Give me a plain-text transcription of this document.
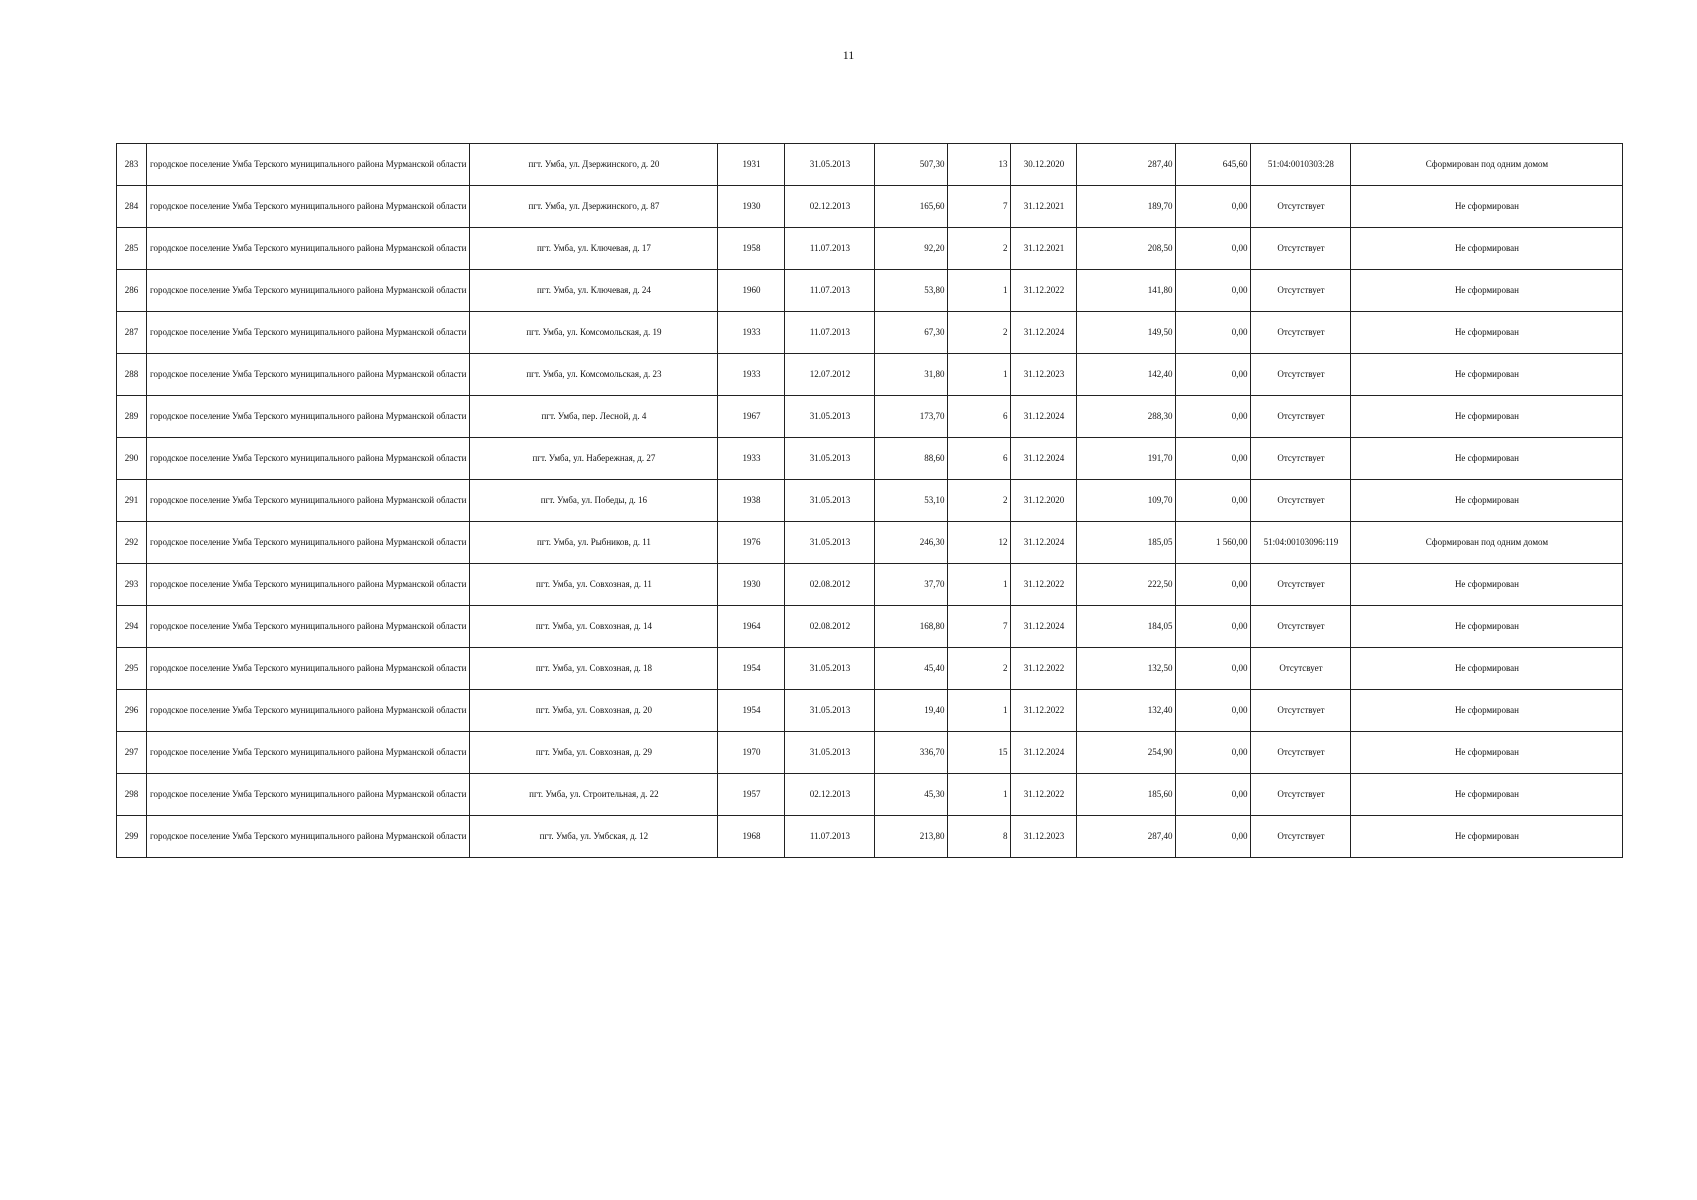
11
283	городское поселение Умба Терского муниципального района Мурманской области	пгт. Умба, ул. Дзержинского, д. 20	1931	31.05.2013	507,30	13	30.12.2020	287,40	645,60	51:04:0010303:28	Сформирован под одним домом
284	городское поселение Умба Терского муниципального района Мурманской области	пгт. Умба, ул. Дзержинского, д. 87	1930	02.12.2013	165,60	7	31.12.2021	189,70	0,00	Отсутствует	Не сформирован
285	городское поселение Умба Терского муниципального района Мурманской области	пгт. Умба, ул. Ключевая, д. 17	1958	11.07.2013	92,20	2	31.12.2021	208,50	0,00	Отсутствует	Не сформирован
286	городское поселение Умба Терского муниципального района Мурманской области	пгт. Умба, ул. Ключевая, д. 24	1960	11.07.2013	53,80	1	31.12.2022	141,80	0,00	Отсутствует	Не сформирован
287	городское поселение Умба Терского муниципального района Мурманской области	пгт. Умба, ул. Комсомольская, д. 19	1933	11.07.2013	67,30	2	31.12.2024	149,50	0,00	Отсутствует	Не сформирован
288	городское поселение Умба Терского муниципального района Мурманской области	пгт. Умба, ул. Комсомольская, д. 23	1933	12.07.2012	31,80	1	31.12.2023	142,40	0,00	Отсутствует	Не сформирован
289	городское поселение Умба Терского муниципального района Мурманской области	пгт. Умба, пер. Лесной, д. 4	1967	31.05.2013	173,70	6	31.12.2024	288,30	0,00	Отсутствует	Не сформирован
290	городское поселение Умба Терского муниципального района Мурманской области	пгт. Умба, ул. Набережная, д. 27	1933	31.05.2013	88,60	6	31.12.2024	191,70	0,00	Отсутствует	Не сформирован
291	городское поселение Умба Терского муниципального района Мурманской области	пгт. Умба, ул. Победы, д. 16	1938	31.05.2013	53,10	2	31.12.2020	109,70	0,00	Отсутствует	Не сформирован
292	городское поселение Умба Терского муниципального района Мурманской области	пгт. Умба, ул. Рыбников, д. 11	1976	31.05.2013	246,30	12	31.12.2024	185,05	1 560,00	51:04:00103096:119	Сформирован под одним домом
293	городское поселение Умба Терского муниципального района Мурманской области	пгт. Умба, ул. Совхозная, д. 11	1930	02.08.2012	37,70	1	31.12.2022	222,50	0,00	Отсутствует	Не сформирован
294	городское поселение Умба Терского муниципального района Мурманской области	пгт. Умба, ул. Совхозная, д. 14	1964	02.08.2012	168,80	7	31.12.2024	184,05	0,00	Отсутствует	Не сформирован
295	городское поселение Умба Терского муниципального района Мурманской области	пгт. Умба, ул. Совхозная, д. 18	1954	31.05.2013	45,40	2	31.12.2022	132,50	0,00	Отсутсвует	Не сформирован
296	городское поселение Умба Терского муниципального района Мурманской области	пгт. Умба, ул. Совхозная, д. 20	1954	31.05.2013	19,40	1	31.12.2022	132,40	0,00	Отсутствует	Не сформирован
297	городское поселение Умба Терского муниципального района Мурманской области	пгт. Умба, ул. Совхозная, д. 29	1970	31.05.2013	336,70	15	31.12.2024	254,90	0,00	Отсутствует	Не сформирован
298	городское поселение Умба Терского муниципального района Мурманской области	пгт. Умба, ул. Строительная, д. 22	1957	02.12.2013	45,30	1	31.12.2022	185,60	0,00	Отсутствует	Не сформирован
299	городское поселение Умба Терского муниципального района Мурманской области	пгт. Умба, ул. Умбская, д. 12	1968	11.07.2013	213,80	8	31.12.2023	287,40	0,00	Отсутствует	Не сформирован
